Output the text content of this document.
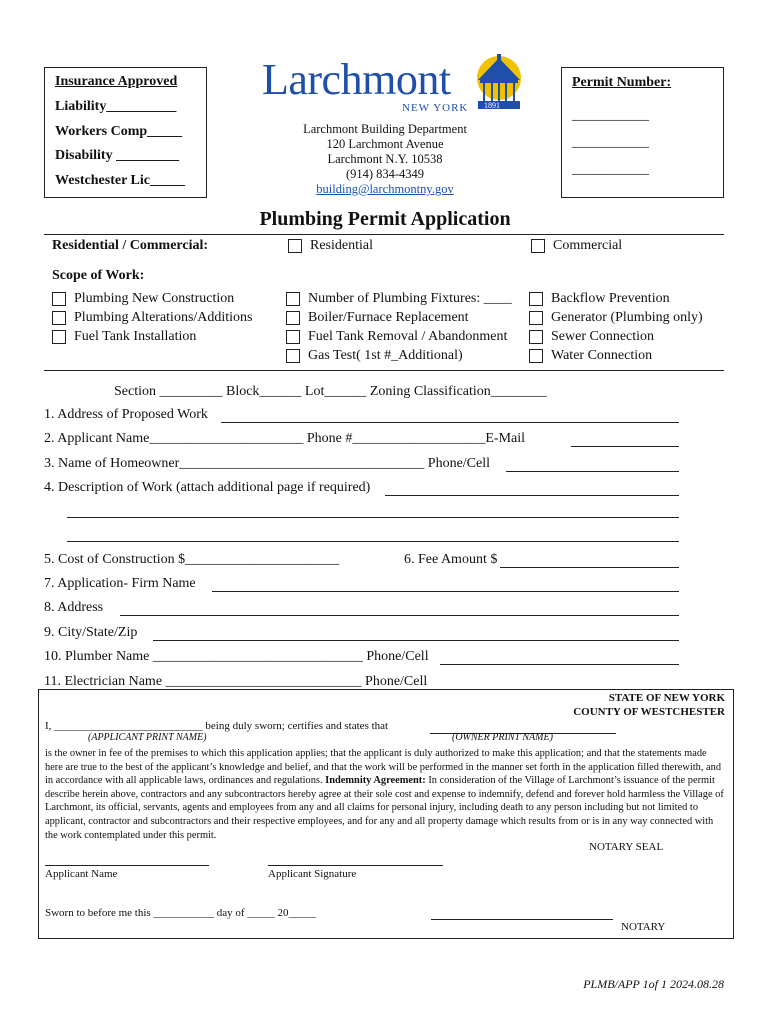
Insurance Approved
Liability__________
Workers Comp_____
Disability _________
Westchester Lic_____
Larchmont
NEW YORK 1891
Larchmont Building Department
120 Larchmont Avenue
Larchmont N.Y. 10538
(914) 834-4349
building@larchmontny.gov
Permit Number:
___________
___________
___________
Plumbing Permit Application
Residential / Commercial:	Residential	Commercial
Scope of Work:
Plumbing New Construction
Plumbing Alterations/Additions
Fuel Tank Installation
Number of Plumbing Fixtures: ____
Boiler/Furnace Replacement
Fuel Tank Removal / Abandonment
Gas Test( 1st #_Additional)
Backflow Prevention
Generator (Plumbing only)
Sewer Connection
Water Connection
Section _________ Block______ Lot______ Zoning Classification________
1. Address of Proposed Work
2. Applicant Name______________________ Phone #___________________E-Mail
3. Name of Homeowner___________________________________ Phone/Cell
4. Description of Work (attach additional page if required)
5. Cost of Construction $______________________	6. Fee Amount $
7. Application- Firm Name
8. Address
9. City/State/Zip
10. Plumber Name ______________________________ Phone/Cell
11. Electrician Name ____________________________ Phone/Cell
STATE OF NEW YORK
COUNTY OF WESTCHESTER
I, ___________________________ being duly sworn; certifies and states that
(APPLICANT PRINT NAME)	(OWNER PRINT NAME)
is the owner in fee of the premises to which this application applies; that the applicant is duly authorized to make this application; and that the statements made here are true to the best of the applicant’s knowledge and belief, and that the work will be performed in the manner set forth in the application filled therewith, and in accordance with all applicable laws, ordinances and regulations. Indemnity Agreement: In consideration of the Village of Larchmont’s issuance of the permit describe herein above, contractors and any subcontractors hereby agree at their sole cost and expense to indemnify, defend and forever hold harmless the Village of Larchmont, its official, servants, agents and employees from any and all claims for personal injury, including death to any person including but not limited to applicant, contractor and subcontractors and their respective employees, and for any and all property damage which results from or is in any way connected with the work contemplated under this permit.
NOTARY SEAL
Applicant Name	Applicant Signature
Sworn to before me this ___________ day of _____ 20_____
NOTARY
PLMB/APP 1of 1 2024.08.28
